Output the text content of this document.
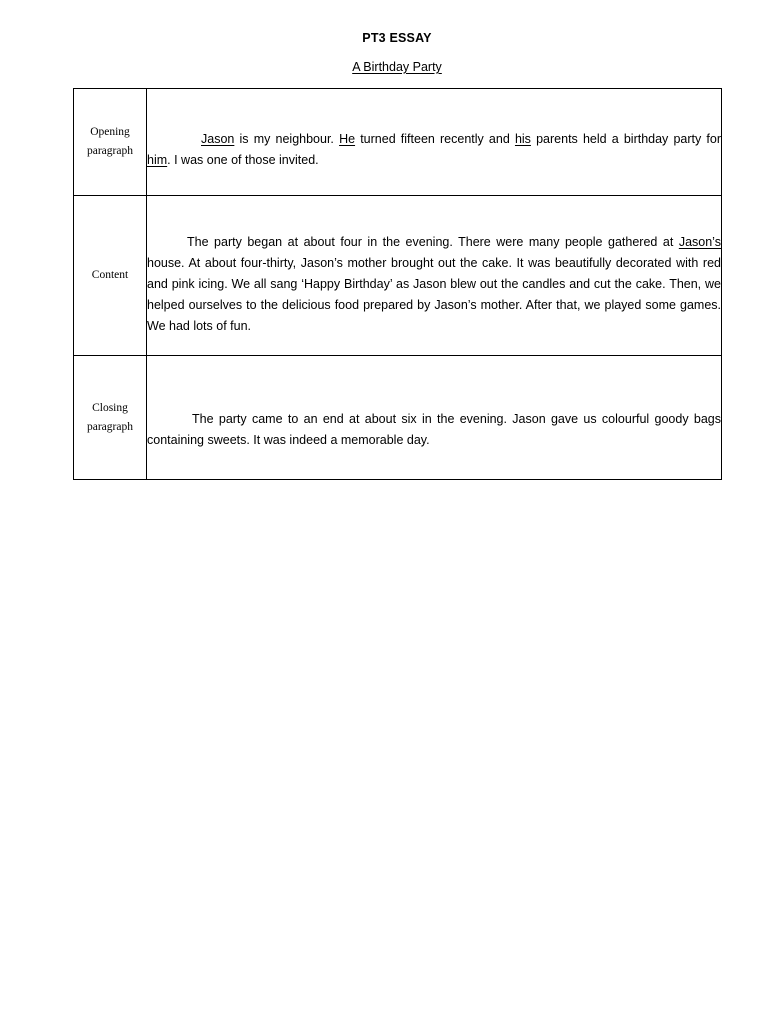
PT3 ESSAY
A Birthday Party
Opening
paragraph	Jason is my neighbour. He turned fifteen recently and his parents held a birthday party for him. I was one of those invited.
Content	The party began at about four in the evening. There were many people gathered at Jason’s house. At about four-thirty, Jason’s mother brought out the cake. It was beautifully decorated with red and pink icing. We all sang ‘Happy Birthday’ as Jason blew out the candles and cut the cake. Then, we helped ourselves to the delicious food prepared by Jason’s mother. After that, we played some games. We had lots of fun.
Closing
paragraph	The party came to an end at about six in the evening. Jason gave us colourful goody bags containing sweets. It was indeed a memorable day.
